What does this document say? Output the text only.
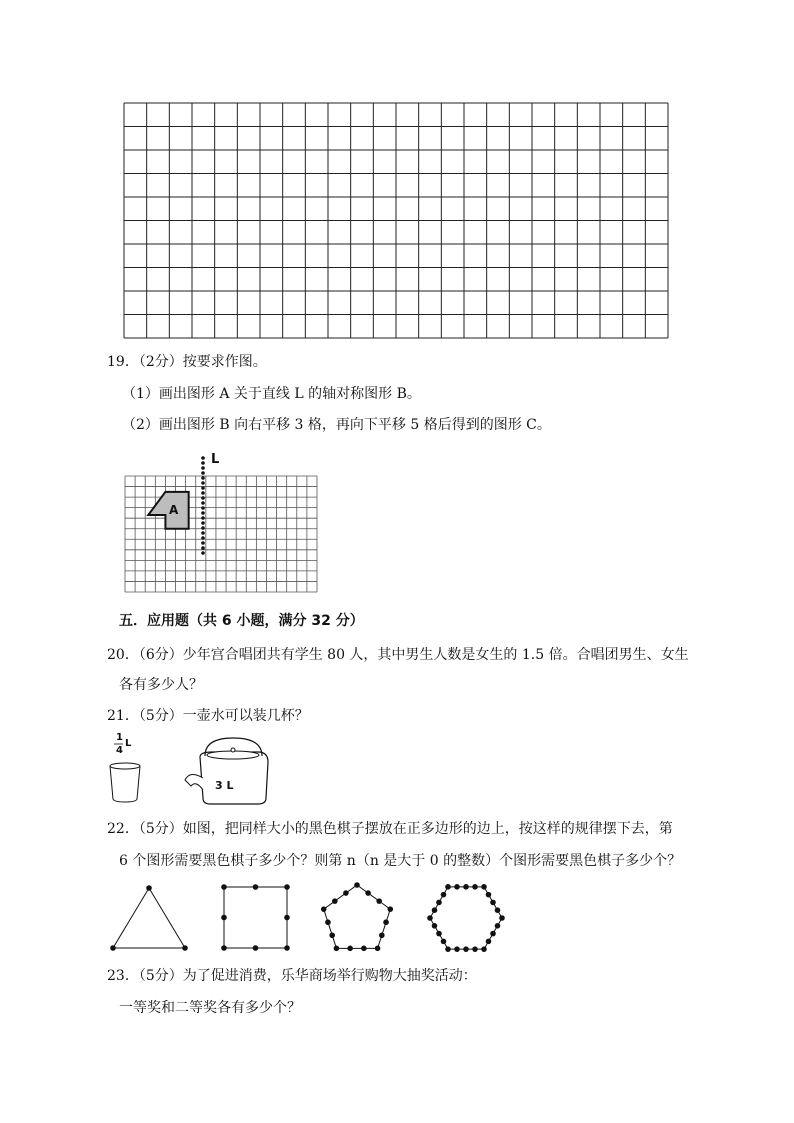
19．（2分）按要求作图。
（1）画出图形 A 关于直线 L 的轴对称图形 B。
（2）画出图形 B 向右平移 3 格，再向下平移 5 格后得到的图形 C。
L
A
五．应用题（共 6 小题，满分 32 分）
20．（6分）少年宫合唱团共有学生 80 人，其中男生人数是女生的 1.5 倍。合唱团男生、女生
各有多少人？
21．（5分）一壶水可以装几杯？
1
4
L
3 L
22．（5分）如图，把同样大小的黑色棋子摆放在正多边形的边上，按这样的规律摆下去，第
6 个图形需要黑色棋子多少个？则第 n（n 是大于 0 的整数）个图形需要黑色棋子多少个？
23．（5分）为了促进消费，乐华商场举行购物大抽奖活动：
一等奖和二等奖各有多少个？
